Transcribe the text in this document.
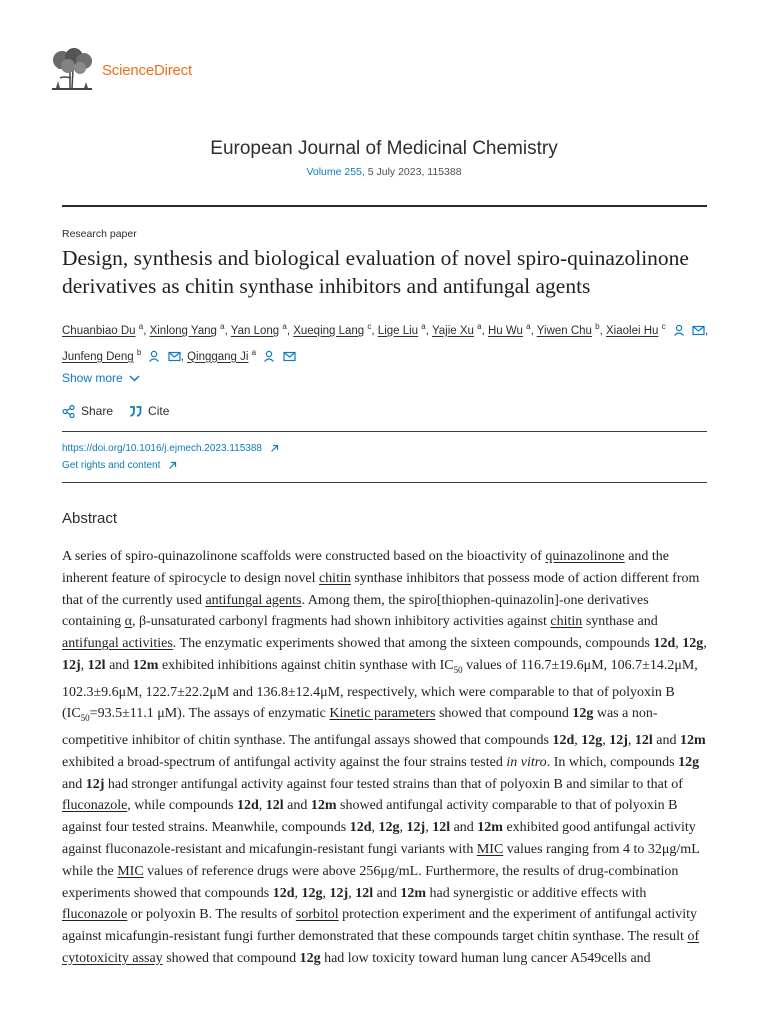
ScienceDirect
European Journal of Medicinal Chemistry
Volume 255, 5 July 2023, 115388
Research paper
Design, synthesis and biological evaluation of novel spiro-quinazolinone derivatives as chitin synthase inhibitors and antifungal agents
Chuanbiao Du $^a$, Xinlong Yang $^a$, Yan Long $^a$, Xueqing Lang $^c$, Lige Liu $^a$, Yajie Xu $^a$, Hu Wu $^a$, Yiwen Chu $^b$, Xiaolei Hu $^c$	, Junfeng Deng $^b$	, Qinggang Ji $^a$
Show more
Share	Cite
https://doi.org/10.1016/j.ejmech.2023.115388
Get rights and content
Abstract

A series of spiro-quinazolinone scaffolds were constructed based on the bioactivity of quinazolinone and the inherent feature of spirocycle to design novel chitin synthase inhibitors that possess mode of action different from that of the currently used antifungal agents. Among them, the spiro[thiophen-quinazolin]-one derivatives containing α, β-unsaturated carbonyl fragments had shown inhibitory activities against chitin synthase and antifungal activities. The enzymatic experiments showed that among the sixteen compounds, compounds 12d, 12g, 12j, 12l and 12m exhibited inhibitions against chitin synthase with $IC_{50}$ values of 116.7±19.6μM, 106.7±14.2μM, 102.3±9.6μM, 122.7±22.2μM and 136.8±12.4μM, respectively, which were comparable to that of polyoxin B ($IC_{50}=93.5\pm 11.1$ μM). The assays of enzymatic Kinetic parameters showed that compound 12g was a non-competitive inhibitor of chitin synthase. The antifungal assays showed that compounds 12d, 12g, 12j, 12l and 12m exhibited a broad-spectrum of antifungal activity against the four strains tested in vitro. In which, compounds 12g and 12j had stronger antifungal activity against four tested strains than that of polyoxin B and similar to that of fluconazole, while compounds 12d, 12l and 12m showed antifungal activity comparable to that of polyoxin B against four tested strains. Meanwhile, compounds 12d, 12g, 12j, 12l and 12m exhibited good antifungal activity against fluconazole-resistant and micafungin-resistant fungi variants with MIC values ranging from 4 to 32μg/mL while the MIC values of reference drugs were above 256μg/mL. Furthermore, the results of drug-combination experiments showed that compounds 12d, 12g, 12j, 12l and 12m had synergistic or additive effects with fluconazole or polyoxin B. The results of sorbitol protection experiment and the experiment of antifungal activity against micafungin-resistant fungi further demonstrated that these compounds target chitin synthase. The result of cytotoxicity assay showed that compound 12g had low toxicity toward human lung cancer A549cells and
